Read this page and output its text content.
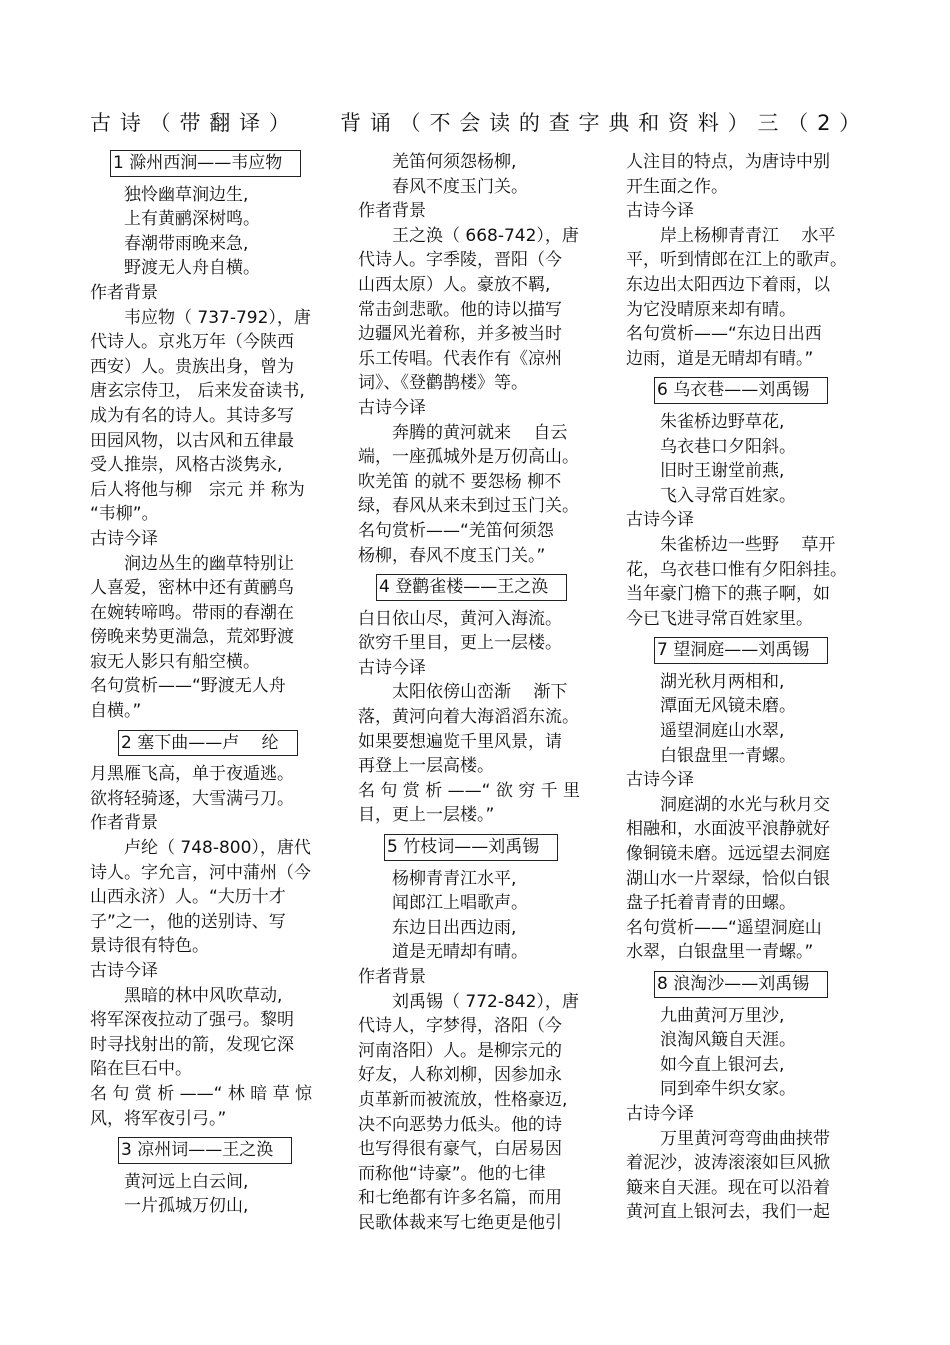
古诗（带翻译） 背诵（不会读的查字典和资料）三（2）
1 滁州西涧——韦应物
独怜幽草涧边生,
上有黄鹂深树鸣。
春潮带雨晚来急,
野渡无人舟自横。
作者背景
韦应物（ 737-792），唐
代诗人。京兆万年（今陕西
西安）人。贵族出身，曾为
唐玄宗侍卫， 后来发奋读书,
成为有名的诗人。其诗多写
田园风物，以古风和五律最
受人推崇，风格古淡隽永,
后人将他与柳　宗元 并 称为
“韦柳”。
古诗今译
涧边丛生的幽草特别让
人喜爱，密林中还有黄鹂鸟
在婉转啼鸣。带雨的春潮在
傍晚来势更湍急，荒郊野渡
寂无人影只有船空横。
名句赏析——“野渡无人舟
自横。”
2 塞下曲——卢　 纶
月黑雁飞高，单于夜遁逃。
欲将轻骑逐，大雪满弓刀。
作者背景
卢纶（ 748-800），唐代
诗人。字允言，河中蒲州（今
山西永济）人。“大历十才
子”之一，他的送别诗、写
景诗很有特色。
古诗今译
黑暗的林中风吹草动,
将军深夜拉动了强弓。黎明
时寻找射出的箭，发现它深
陷在巨石中。
名 句 赏 析 ——“ 林 暗 草 惊
风，将军夜引弓。”
3 凉州词——王之涣
黄河远上白云间,
一片孤城万仞山,
羌笛何须怨杨柳,
春风不度玉门关。
作者背景
王之涣（ 668-742），唐
代诗人。字季陵，晋阳（今
山西太原）人。豪放不羁,
常击剑悲歌。他的诗以描写
边疆风光着称，并多被当时
乐工传唱。代表作有《凉州
词》、《登鹳鹊楼》等。
古诗今译
奔腾的黄河就来　 自云
端，一座孤城外是万仞高山。
吹羌笛 的就不 要怨杨 柳不
绿，春风从来未到过玉门关。
名句赏析——“羌笛何须怨
杨柳，春风不度玉门关。”
4 登鹳雀楼——王之涣
白日依山尽，黄河入海流。
欲穷千里目，更上一层楼。
古诗今译
太阳依傍山峦渐　 渐下
落，黄河向着大海滔滔东流。
如果要想遍览千里风景，请
再登上一层高楼。
名 句 赏 析 ——“ 欲 穷 千 里
目，更上一层楼。”
5 竹枝词——刘禹锡
杨柳青青江水平,
闻郎江上唱歌声。
东边日出西边雨,
道是无晴却有晴。
作者背景
刘禹锡（ 772-842），唐
代诗人，字梦得，洛阳（今
河南洛阳）人。是柳宗元的
好友，人称刘柳，因参加永
贞革新而被流放，性格豪迈,
决不向恶势力低头。他的诗
也写得很有豪气，白居易因
而称他“诗豪”。他的七律
和七绝都有许多名篇，而用
民歌体裁来写七绝更是他引
人注目的特点，为唐诗中别
开生面之作。
古诗今译
岸上杨柳青青江　 水平
平，听到情郎在江上的歌声。
东边出太阳西边下着雨，以
为它没晴原来却有晴。
名句赏析——“东边日出西
边雨，道是无晴却有晴。”
6 乌衣巷——刘禹锡
朱雀桥边野草花,
乌衣巷口夕阳斜。
旧时王谢堂前燕,
飞入寻常百姓家。
古诗今译
朱雀桥边一些野　 草开
花，乌衣巷口惟有夕阳斜挂。
当年豪门檐下的燕子啊，如
今已飞进寻常百姓家里。
7 望洞庭——刘禹锡
湖光秋月两相和,
潭面无风镜未磨。
遥望洞庭山水翠,
白银盘里一青螺。
古诗今译
洞庭湖的水光与秋月交
相融和，水面波平浪静就好
像铜镜未磨。远远望去洞庭
湖山水一片翠绿，恰似白银
盘子托着青青的田螺。
名句赏析——“遥望洞庭山
水翠，白银盘里一青螺。”
8 浪淘沙——刘禹锡
九曲黄河万里沙,
浪淘风簸自天涯。
如今直上银河去,
同到牵牛织女家。
古诗今译
万里黄河弯弯曲曲挟带
着泥沙，波涛滚滚如巨风掀
簸来自天涯。现在可以沿着
黄河直上银河去，我们一起
